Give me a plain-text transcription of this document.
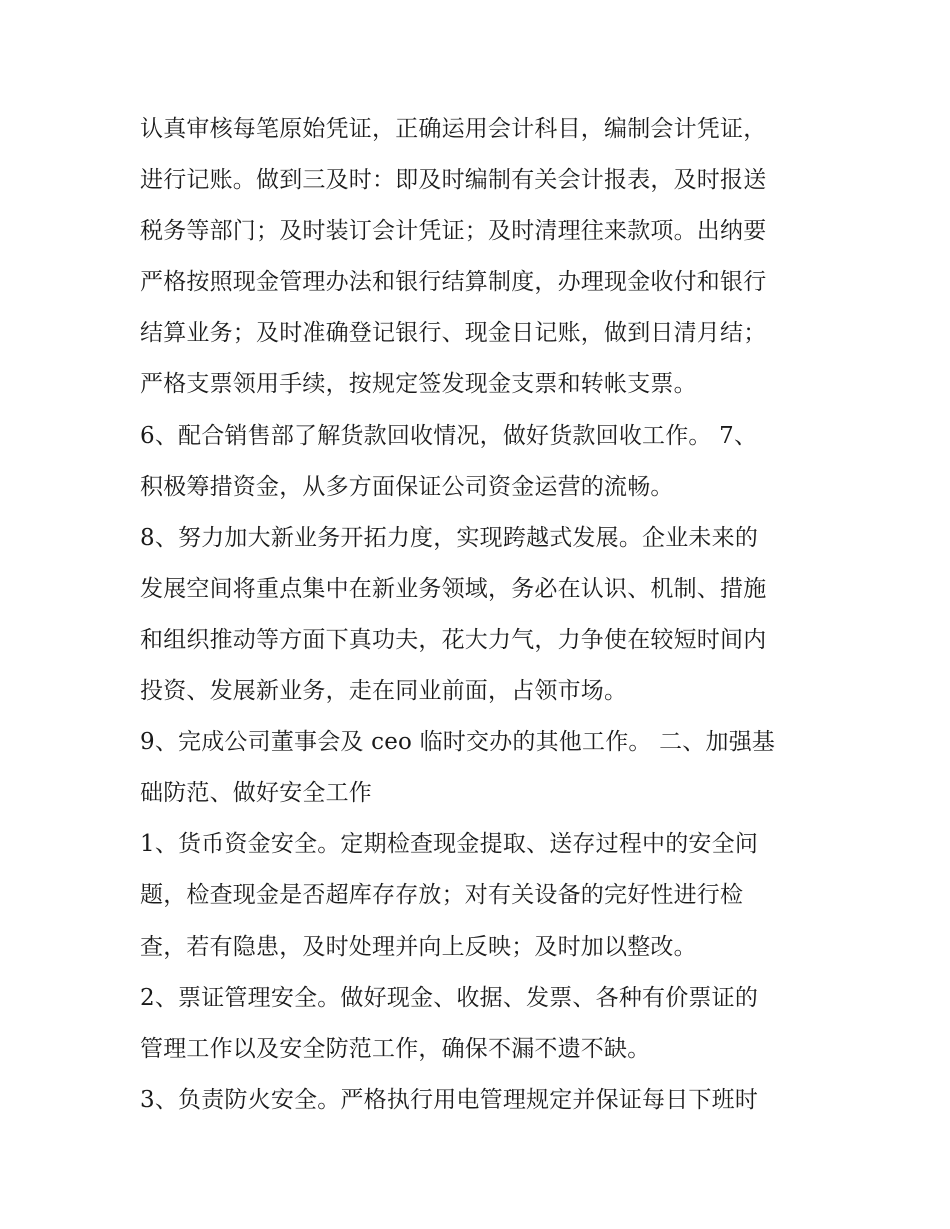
认真审核每笔原始凭证，正确运用会计科目，编制会计凭证，
进行记账。做到三及时：即及时编制有关会计报表，及时报送
税务等部门；及时装订会计凭证；及时清理往来款项。出纳要
严格按照现金管理办法和银行结算制度，办理现金收付和银行
结算业务；及时准确登记银行、现金日记账，做到日清月结；
严格支票领用手续，按规定签发现金支票和转帐支票。
6、配合销售部了解货款回收情况，做好货款回收工作。 7、
积极筹措资金，从多方面保证公司资金运营的流畅。
8、努力加大新业务开拓力度，实现跨越式发展。企业未来的
发展空间将重点集中在新业务领域，务必在认识、机制、措施
和组织推动等方面下真功夫，花大力气，力争使在较短时间内
投资、发展新业务，走在同业前面，占领市场。
9、完成公司董事会及 ceo 临时交办的其他工作。 二、加强基
础防范、做好安全工作
1、货币资金安全。定期检查现金提取、送存过程中的安全问
题，检查现金是否超库存存放；对有关设备的完好性进行检
查，若有隐患，及时处理并向上反映；及时加以整改。
2、票证管理安全。做好现金、收据、发票、各种有价票证的
管理工作以及安全防范工作，确保不漏不遗不缺。
3、负责防火安全。严格执行用电管理规定并保证每日下班时
